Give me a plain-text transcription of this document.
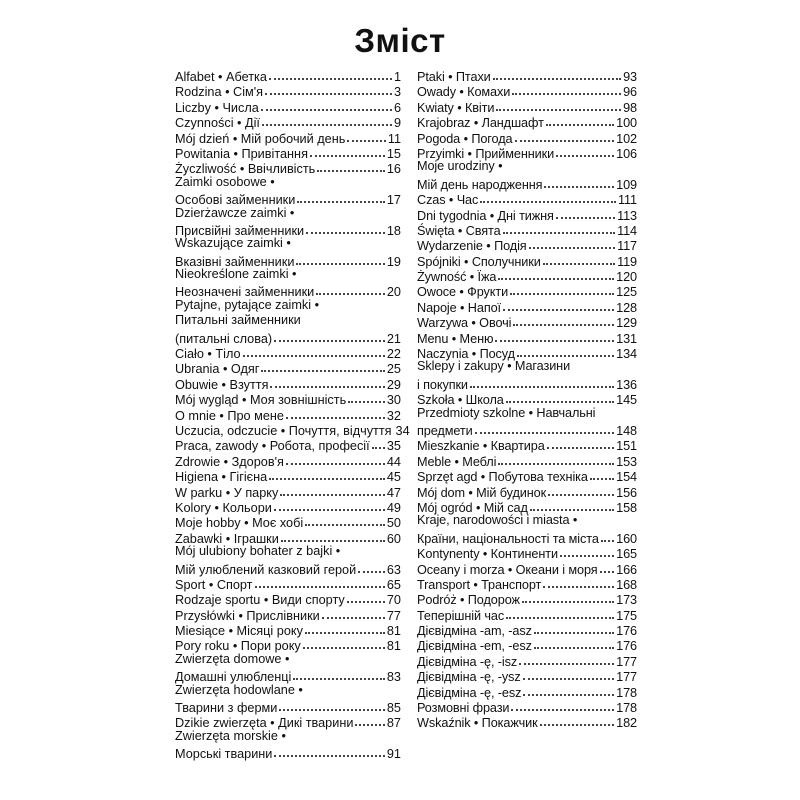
Зміст
Alfabet • Абетка	1
Rodzina • Сім'я	3
Liczby • Числа	6
Czynności • Дії	9
Mój dzień • Мій робочий день	11
Powitania • Привітання	15
Życzliwość • Ввічливість	16
Zaimki osobowe •
Особові займенники	17
Dzierżawcze zaimki •
Присвійні займенники	18
Wskazujące zaimki •
Вказівні займенники	19
Nieokreślone zaimki •
Неозначені займенники	20
Pytajne, pytające zaimki •
Питальні займенники
(питальні слова)	21
Ciało • Тіло	22
Ubrania • Одяг	25
Obuwie • Взуття	29
Mój wygląd • Моя зовнішність	30
O mnie • Про мене	32
Uczucia, odczucie • Почуття, відчуття 34
Praca, zawody • Робота, професії 35
Zdrowie • Здоров'я	44
Higiena • Гігієна	45
W parku • У парку	47
Kolory • Кольори	49
Moje hobby • Моє хобі	50
Zabawki • Іграшки	60
Mój ulubiony bohater z bajki •
Мій улюблений казковий герой 63
Sport • Спорт	65
Rodzaje sportu • Види спорту	70
Przysłówki • Прислівники	77
Miesiące • Місяці року	81
Pory roku • Пори року	81
Zwierzęta domowe •
Домашні улюбленці	83
Zwierzęta hodowlane •
Тварини з ферми	85
Dzikie zwierzęta • Дикі тварини	87
Zwierzęta morskie •
Морські тварини	91
Ptaki • Птахи	93
Owady • Комахи	96
Kwiaty • Квіти	98
Krajobraz • Ландшафт	100
Pogoda • Погода	102
Przyimki • Прийменники	106
Moje urodziny •
Мій день народження	109
Czas • Час	111
Dni tygodnia • Дні тижня	113
Święta • Свята	114
Wydarzenie • Подія	117
Spójniki • Сполучники	119
Żywność • Їжа	120
Owoce • Фрукти	125
Napoje • Напої	128
Warzywa • Овочі	129
Menu • Меню	131
Naczynia • Посуд	134
Sklepy i zakupy • Магазини
і покупки	136
Szkoła • Школа	145
Przedmioty szkolne • Навчальні
предмети	148
Mieszkanie • Квартира	151
Meble • Меблі	153
Sprzęt agd • Побутова техніка 154
Mój dom • Мій будинок	156
Mój ogród • Мій сад	158
Kraje, narodowości i miasta •
Країни, національності та міста 160
Kontynenty • Континенти	165
Oceany i morza • Океани і моря 166
Transport • Транспорт	168
Podróż • Подорож	173
Теперішній час	175
Дієвідміна -am, -asz	176
Дієвідміна -em, -esz	176
Дієвідміна -ę, -isz	177
Дієвідміна -ę, -ysz	177
Дієвідміна -ę, -esz	178
Розмовні фрази	178
Wskaźnik • Покажчик	182
